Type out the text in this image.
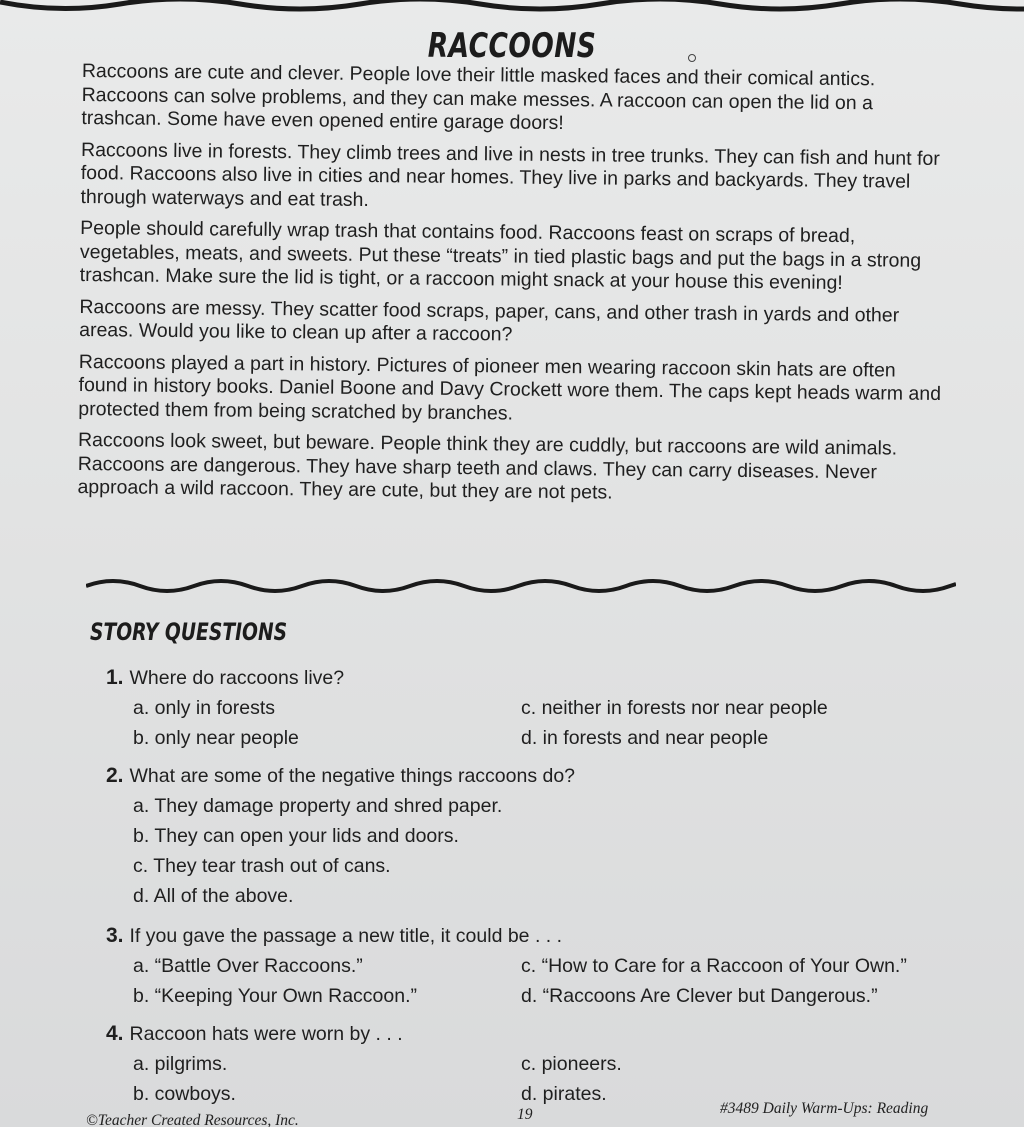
RACCOONS

Raccoons are cute and clever. People love their little masked faces and their comical antics. Raccoons can solve problems, and they can make messes. A raccoon can open the lid on a trashcan. Some have even opened entire garage doors!

Raccoons live in forests. They climb trees and live in nests in tree trunks. They can fish and hunt for food. Raccoons also live in cities and near homes. They live in parks and backyards. They travel through waterways and eat trash.

People should carefully wrap trash that contains food. Raccoons feast on scraps of bread, vegetables, meats, and sweets. Put these “treats” in tied plastic bags and put the bags in a strong trashcan. Make sure the lid is tight, or a raccoon might snack at your house this evening!

Raccoons are messy. They scatter food scraps, paper, cans, and other trash in yards and other areas. Would you like to clean up after a raccoon?

Raccoons played a part in history. Pictures of pioneer men wearing raccoon skin hats are often found in history books. Daniel Boone and Davy Crockett wore them. The caps kept heads warm and protected them from being scratched by branches.

Raccoons look sweet, but beware. People think they are cuddly, but raccoons are wild animals. Raccoons are dangerous. They have sharp teeth and claws. They can carry diseases. Never approach a wild raccoon. They are cute, but they are not pets.

STORY QUESTIONS
1. Where do raccoons live?
a. only in forests	c. neither in forests nor near people
b. only near people	d. in forests and near people
2. What are some of the negative things raccoons do?
a. They damage property and shred paper.
b. They can open your lids and doors.
c. They tear trash out of cans.
d. All of the above.
3. If you gave the passage a new title, it could be . . .
a. “Battle Over Raccoons.”	c. “How to Care for a Raccoon of Your Own.”
b. “Keeping Your Own Raccoon.”	d. “Raccoons Are Clever but Dangerous.”
4. Raccoon hats were worn by . . .
a. pilgrims.	c. pioneers.
b. cowboys.	d. pirates.
©Teacher Created Resources, Inc.	19	#3489 Daily Warm-Ups: Reading
